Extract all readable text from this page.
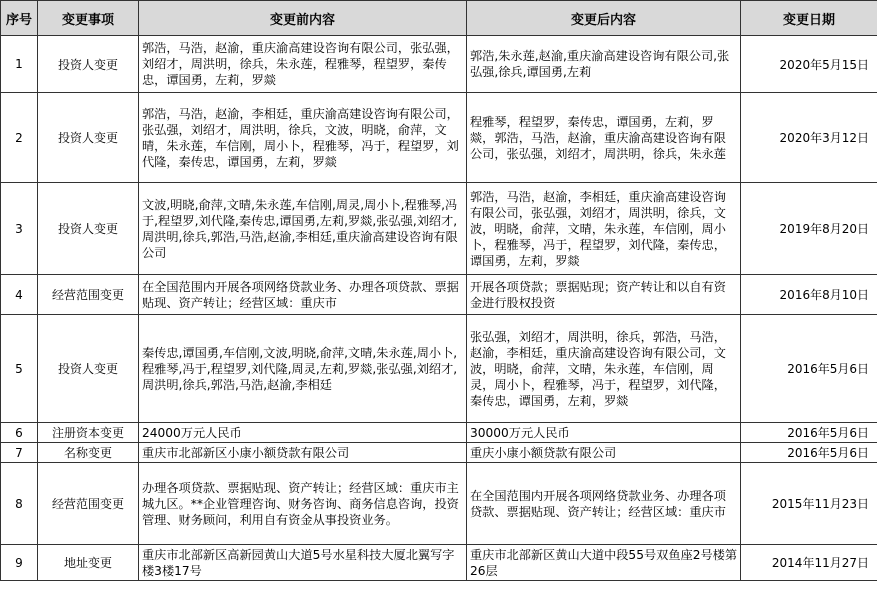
序号	变更事项	变更前内容	变更后内容	变更日期
1	投资人变更	郭浩，马浩，赵渝，重庆渝高建设咨询有限公司，张弘强，刘绍才，周洪明，徐兵，朱永莲，程雅琴，程望罗，秦传忠，谭国勇，左莉，罗燚	郭浩,朱永莲,赵渝,重庆渝高建设咨询有限公司,张弘强,徐兵,谭国勇,左莉	2020年5月15日
2	投资人变更	郭浩，马浩，赵渝，李相廷，重庆渝高建设咨询有限公司，张弘强，刘绍才，周洪明，徐兵，文波，明晓，俞萍，文晴，朱永莲，车信刚，周小卜，程雅琴，冯于，程望罗，刘代隆，秦传忠，谭国勇，左莉，罗燚	程雅琴，程望罗，秦传忠，谭国勇，左莉，罗燚，郭浩，马浩，赵渝，重庆渝高建设咨询有限公司，张弘强，刘绍才，周洪明，徐兵，朱永莲	2020年3月12日
3	投资人变更	文波,明晓,俞萍,文晴,朱永莲,车信刚,周灵,周小卜,程雅琴,冯于,程望罗,刘代隆,秦传忠,谭国勇,左莉,罗燚,张弘强,刘绍才,周洪明,徐兵,郭浩,马浩,赵渝,李相廷,重庆渝高建设咨询有限公司	郭浩，马浩，赵渝，李相廷，重庆渝高建设咨询有限公司，张弘强，刘绍才，周洪明，徐兵，文波，明晓，俞萍，文晴，朱永莲，车信刚，周小卜，程雅琴，冯于，程望罗，刘代隆，秦传忠，谭国勇，左莉，罗燚	2019年8月20日
4	经营范围变更	在全国范围内开展各项网络贷款业务、办理各项贷款、票据贴现、资产转让；经营区域：重庆市	开展各项贷款；票据贴现；资产转让和以自有资金进行股权投资	2016年8月10日
5	投资人变更	秦传忠,谭国勇,车信刚,文波,明晓,俞萍,文晴,朱永莲,周小卜,程雅琴,冯于,程望罗,刘代隆,周灵,左莉,罗燚,张弘强,刘绍才,周洪明,徐兵,郭浩,马浩,赵渝,李相廷	张弘强，刘绍才，周洪明，徐兵，郭浩，马浩，赵渝，李相廷，重庆渝高建设咨询有限公司，文波，明晓，俞萍，文晴，朱永莲，车信刚，周灵，周小卜，程雅琴，冯于，程望罗，刘代隆，秦传忠，谭国勇，左莉，罗燚	2016年5月6日
6	注册资本变更	24000万元人民币	30000万元人民币	2016年5月6日
7	名称变更	重庆市北部新区小康小额贷款有限公司	重庆小康小额贷款有限公司	2016年5月6日
8	经营范围变更	办理各项贷款、票据贴现、资产转让；经营区域：重庆市主城九区。**企业管理咨询、财务咨询、商务信息咨询，投资管理、财务顾问，利用自有资金从事投资业务。	在全国范围内开展各项网络贷款业务、办理各项贷款、票据贴现、资产转让；经营区域：重庆市	2015年11月23日
9	地址变更	重庆市北部新区高新园黄山大道5号水星科技大厦北翼写字楼3楼17号	重庆市北部新区黄山大道中段55号双鱼座2号楼第26层	2014年11月27日
